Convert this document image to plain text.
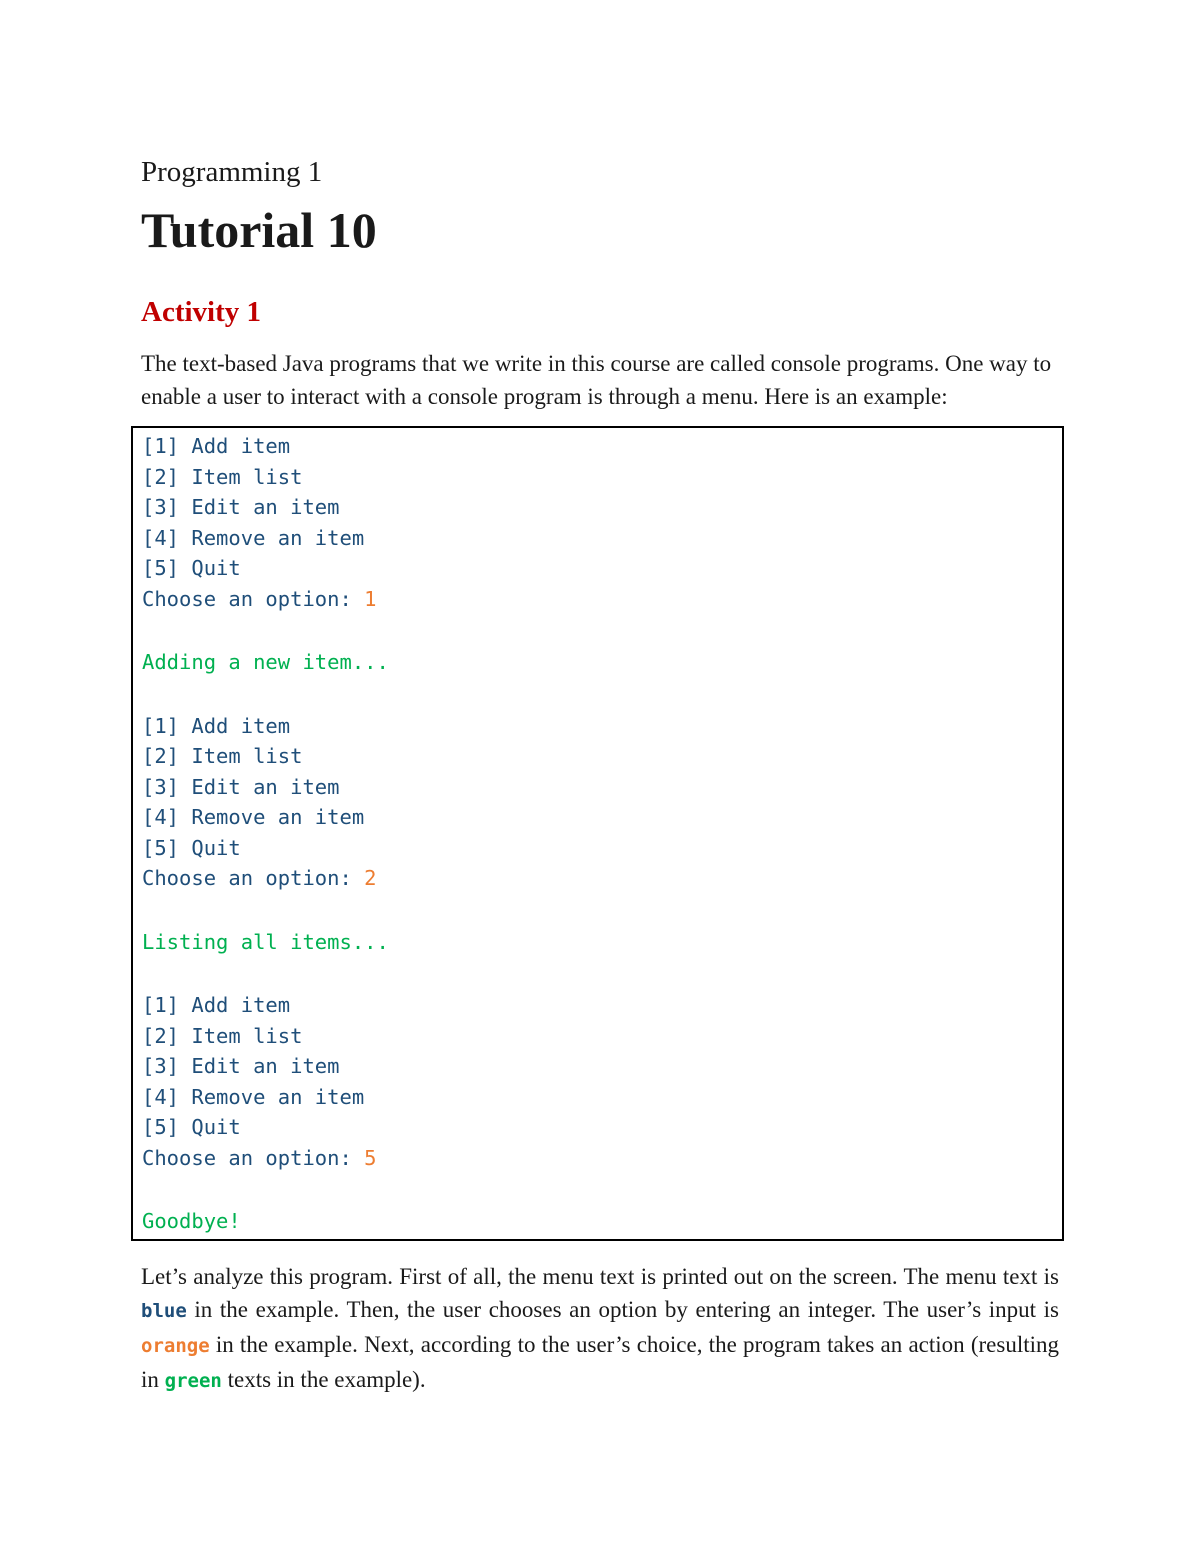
Programming 1
Tutorial 10
Activity 1

The text-based Java programs that we write in this course are called console programs. One way to enable a user to interact with a console program is through a menu. Here is an example:

[1] Add item
[2] Item list
[3] Edit an item
[4] Remove an item
[5] Quit
Choose an option: 1
Adding a new item...
[1] Add item
[2] Item list
[3] Edit an item
[4] Remove an item
[5] Quit
Choose an option: 2
Listing all items...
[1] Add item
[2] Item list
[3] Edit an item
[4] Remove an item
[5] Quit
Choose an option: 5
Goodbye!

Let’s analyze this program. First of all, the menu text is printed out on the screen. The menu text is blue in the example. Then, the user chooses an option by entering an integer. The user’s input is orange in the example. Next, according to the user’s choice, the program takes an action (resulting in green texts in the example).
